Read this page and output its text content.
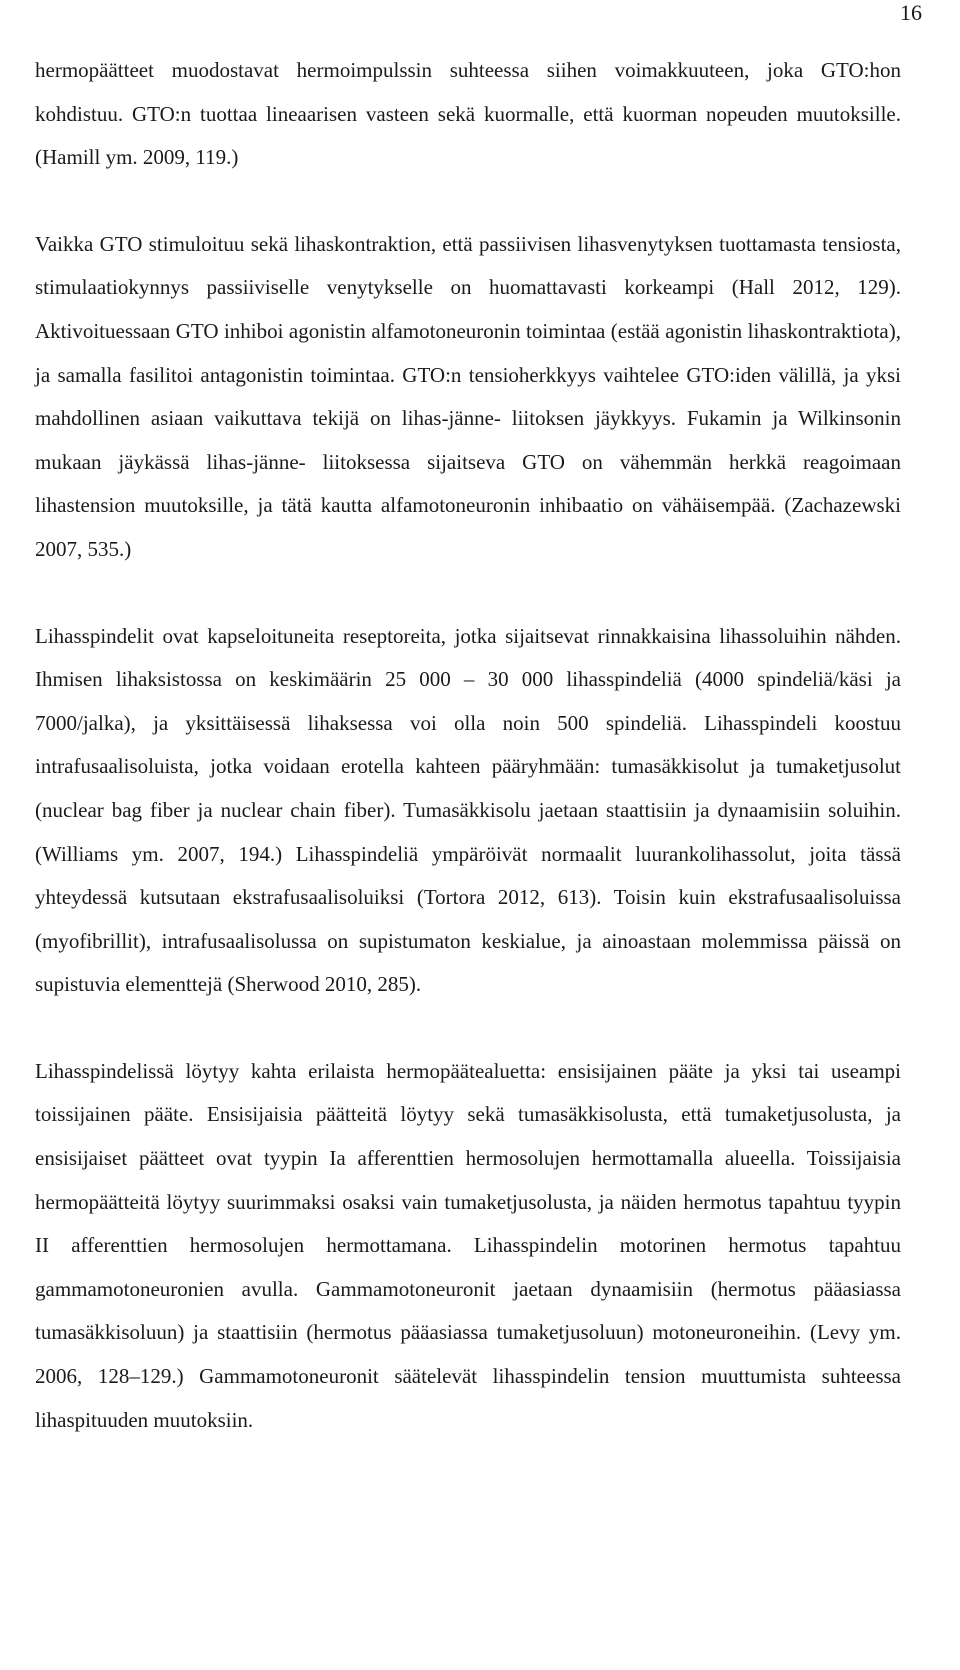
16

hermopäätteet muodostavat hermoimpulssin suhteessa siihen voimakkuuteen, joka GTO:hon kohdistuu. GTO:n tuottaa lineaarisen vasteen sekä kuormalle, että kuorman nopeuden muutoksille. (Hamill ym. 2009, 119.)

Vaikka GTO stimuloituu sekä lihaskontraktion, että passiivisen lihasvenytyksen tuottamasta tensiosta, stimulaatiokynnys passiiviselle venytykselle on huomattavasti korkeampi (Hall 2012, 129). Aktivoituessaan GTO inhiboi agonistin alfamotoneuronin toimintaa (estää agonistin lihaskontraktiota), ja samalla fasilitoi antagonistin toimintaa. GTO:n tensioherkkyys vaihtelee GTO:iden välillä, ja yksi mahdollinen asiaan vaikuttava tekijä on lihas-jänne- liitoksen jäykkyys. Fukamin ja Wilkinsonin mukaan jäykässä lihas-jänne- liitoksessa sijaitseva GTO on vähemmän herkkä reagoimaan lihastension muutoksille, ja tätä kautta alfamotoneuronin inhibaatio on vähäisempää. (Zachazewski 2007, 535.)

Lihasspindelit ovat kapseloituneita reseptoreita, jotka sijaitsevat rinnakkaisina lihassoluihin nähden. Ihmisen lihaksistossa on keskimäärin 25 000 – 30 000 lihasspindeliä (4000 spindeliä/käsi ja 7000/jalka), ja yksittäisessä lihaksessa voi olla noin 500 spindeliä. Lihasspindeli koostuu intrafusaalisoluista, jotka voidaan erotella kahteen pääryhmään: tumasäkkisolut ja tumaketjusolut (nuclear bag fiber ja nuclear chain fiber). Tumasäkkisolu jaetaan staattisiin ja dynaamisiin soluihin. (Williams ym. 2007, 194.) Lihasspindeliä ympäröivät normaalit luurankolihassolut, joita tässä yhteydessä kutsutaan ekstrafusaalisoluiksi (Tortora 2012, 613). Toisin kuin ekstrafusaalisoluissa (myofibrillit), intrafusaalisolussa on supistumaton keskialue, ja ainoastaan molemmissa päissä on supistuvia elementtejä (Sherwood 2010, 285).

Lihasspindelissä löytyy kahta erilaista hermopäätealuetta: ensisijainen pääte ja yksi tai useampi toissijainen pääte. Ensisijaisia päätteitä löytyy sekä tumasäkkisolusta, että tumaketjusolusta, ja ensisijaiset päätteet ovat tyypin Ia afferenttien hermosolujen hermottamalla alueella. Toissijaisia hermopäätteitä löytyy suurimmaksi osaksi vain tumaketjusolusta, ja näiden hermotus tapahtuu tyypin II afferenttien hermosolujen hermottamana. Lihasspindelin motorinen hermotus tapahtuu gammamotoneuronien avulla. Gammamotoneuronit jaetaan dynaamisiin (hermotus pääasiassa tumasäkkisoluun) ja staattisiin (hermotus pääasiassa tumaketjusoluun) motoneuroneihin. (Levy ym. 2006, 128–129.) Gammamotoneuronit säätelevät lihasspindelin tension muuttumista suhteessa lihaspituuden muutoksiin.
